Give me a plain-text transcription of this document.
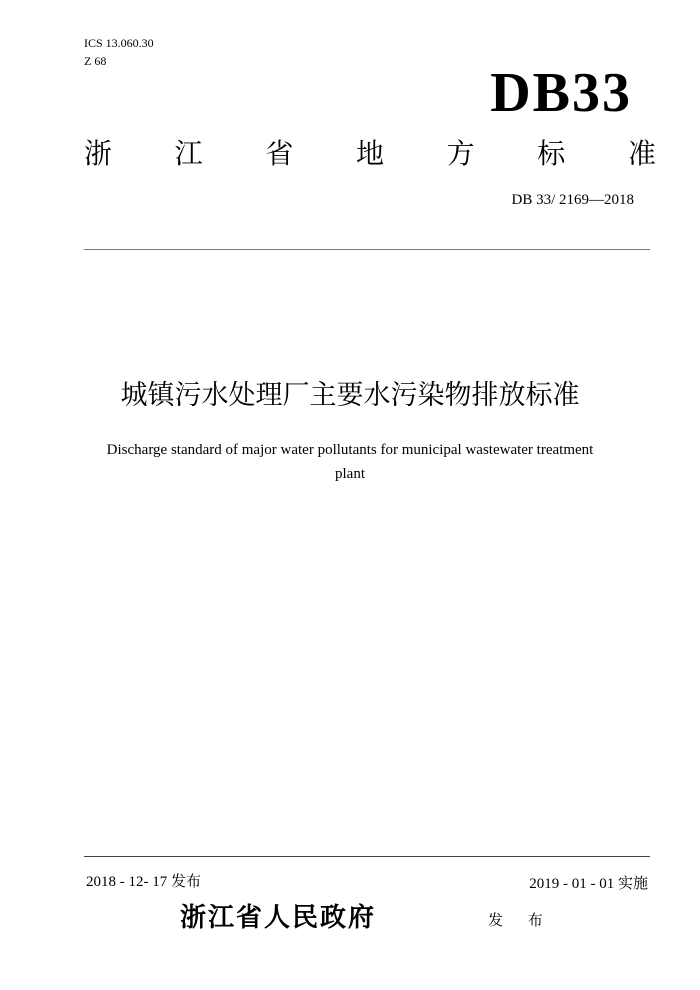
ICS 13.060.30
Z 68
DB33
浙 江 省 地 方 标 准
DB 33/ 2169—2018
城镇污水处理厂主要水污染物排放标准
Discharge standard of major water pollutants for municipal wastewater treatment
plant
2018 - 12- 17 发布	2019 - 01 - 01 实施
浙江省人民政府	发 布
